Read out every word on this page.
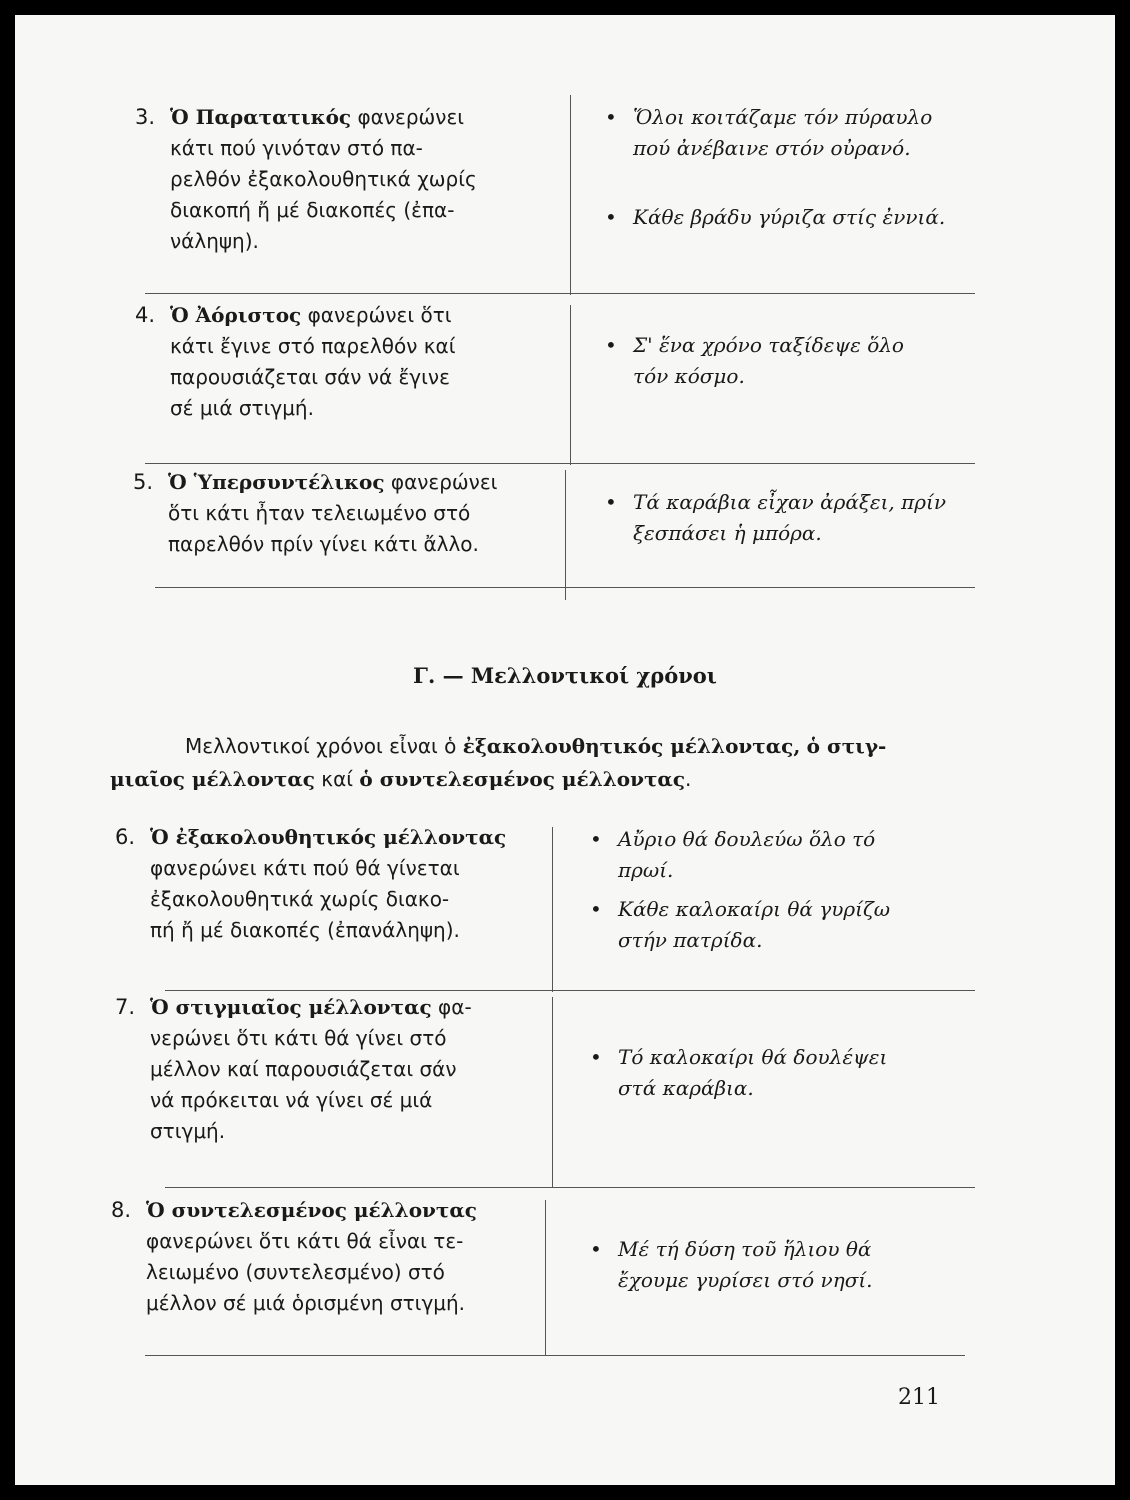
3. Ὁ Παρατατικός φανερώνει
κάτι πού γινόταν στό πα-
ρελθόν ἐξακολουθητικά χωρίς
διακοπή ἤ μέ διακοπές (ἐπα-
νάληψη).
• Ὅλοι κοιτάζαμε τόν πύραυλο
πού ἀνέβαινε στόν οὐρανό.
• Κάθε βράδυ γύριζα στίς ἐννιά.
4. Ὁ Ἀόριστος φανερώνει ὅτι
κάτι ἔγινε στό παρελθόν καί
παρουσιάζεται σάν νά ἔγινε
σέ μιά στιγμή.
• Σ' ἕνα χρόνο ταξίδεψε ὅλο
τόν κόσμο.
5. Ὁ Ὑπερσυντέλικος φανερώνει
ὅτι κάτι ἦταν τελειωμένο στό
παρελθόν πρίν γίνει κάτι ἄλλο.
• Τά καράβια εἶχαν ἀράξει, πρίν
ξεσπάσει ἡ μπόρα.
6. Ὁ ἐξακολουθητικός μέλλοντας
φανερώνει κάτι πού θά γίνεται
ἐξακολουθητικά χωρίς διακο-
πή ἤ μέ διακοπές (ἐπανάληψη).
• Αὔριο θά δουλεύω ὅλο τό
πρωί.
• Κάθε καλοκαίρι θά γυρίζω
στήν πατρίδα.
7. Ὁ στιγμιαῖος μέλλοντας φα-
νερώνει ὅτι κάτι θά γίνει στό
μέλλον καί παρουσιάζεται σάν
νά πρόκειται νά γίνει σέ μιά
στιγμή.
• Τό καλοκαίρι θά δουλέψει
στά καράβια.
8. Ὁ συντελεσμένος μέλλοντας
φανερώνει ὅτι κάτι θά εἶναι τε-
λειωμένο (συντελεσμένο) στό
μέλλον σέ μιά ὁρισμένη στιγμή.
• Μέ τή δύση τοῦ ἥλιου θά
ἔχουμε γυρίσει στό νησί.
Γ. — Μελλοντικοί χρόνοι
Μελλοντικοί χρόνοι εἶναι ὁ ἐξακολουθητικός μέλλοντας, ὁ στιγ-
μιαῖος μέλλοντας καί ὁ συντελεσμένος μέλλοντας.
211
